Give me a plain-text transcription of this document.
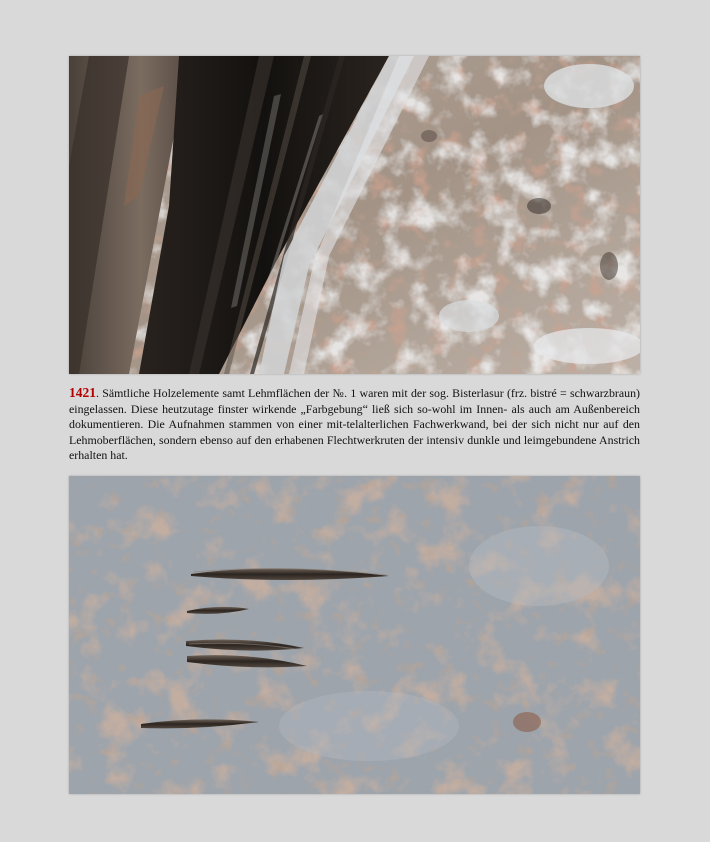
1421. Sämtliche Holzelemente samt Lehmflächen der №. 1 waren mit der sog. Bisterlasur (frz. bistré = schwarzbraun) eingelassen. Diese heutzutage finster wirkende „Farbgebung“ ließ sich so-wohl im Innen- als auch am Außenbereich dokumentieren. Die Aufnahmen stammen von einer mit-telalterlichen Fachwerkwand, bei der sich nicht nur auf den Lehmoberflächen, sondern ebenso auf den erhabenen Flechtwerkruten der intensiv dunkle und leimgebundene Anstrich erhalten hat.
